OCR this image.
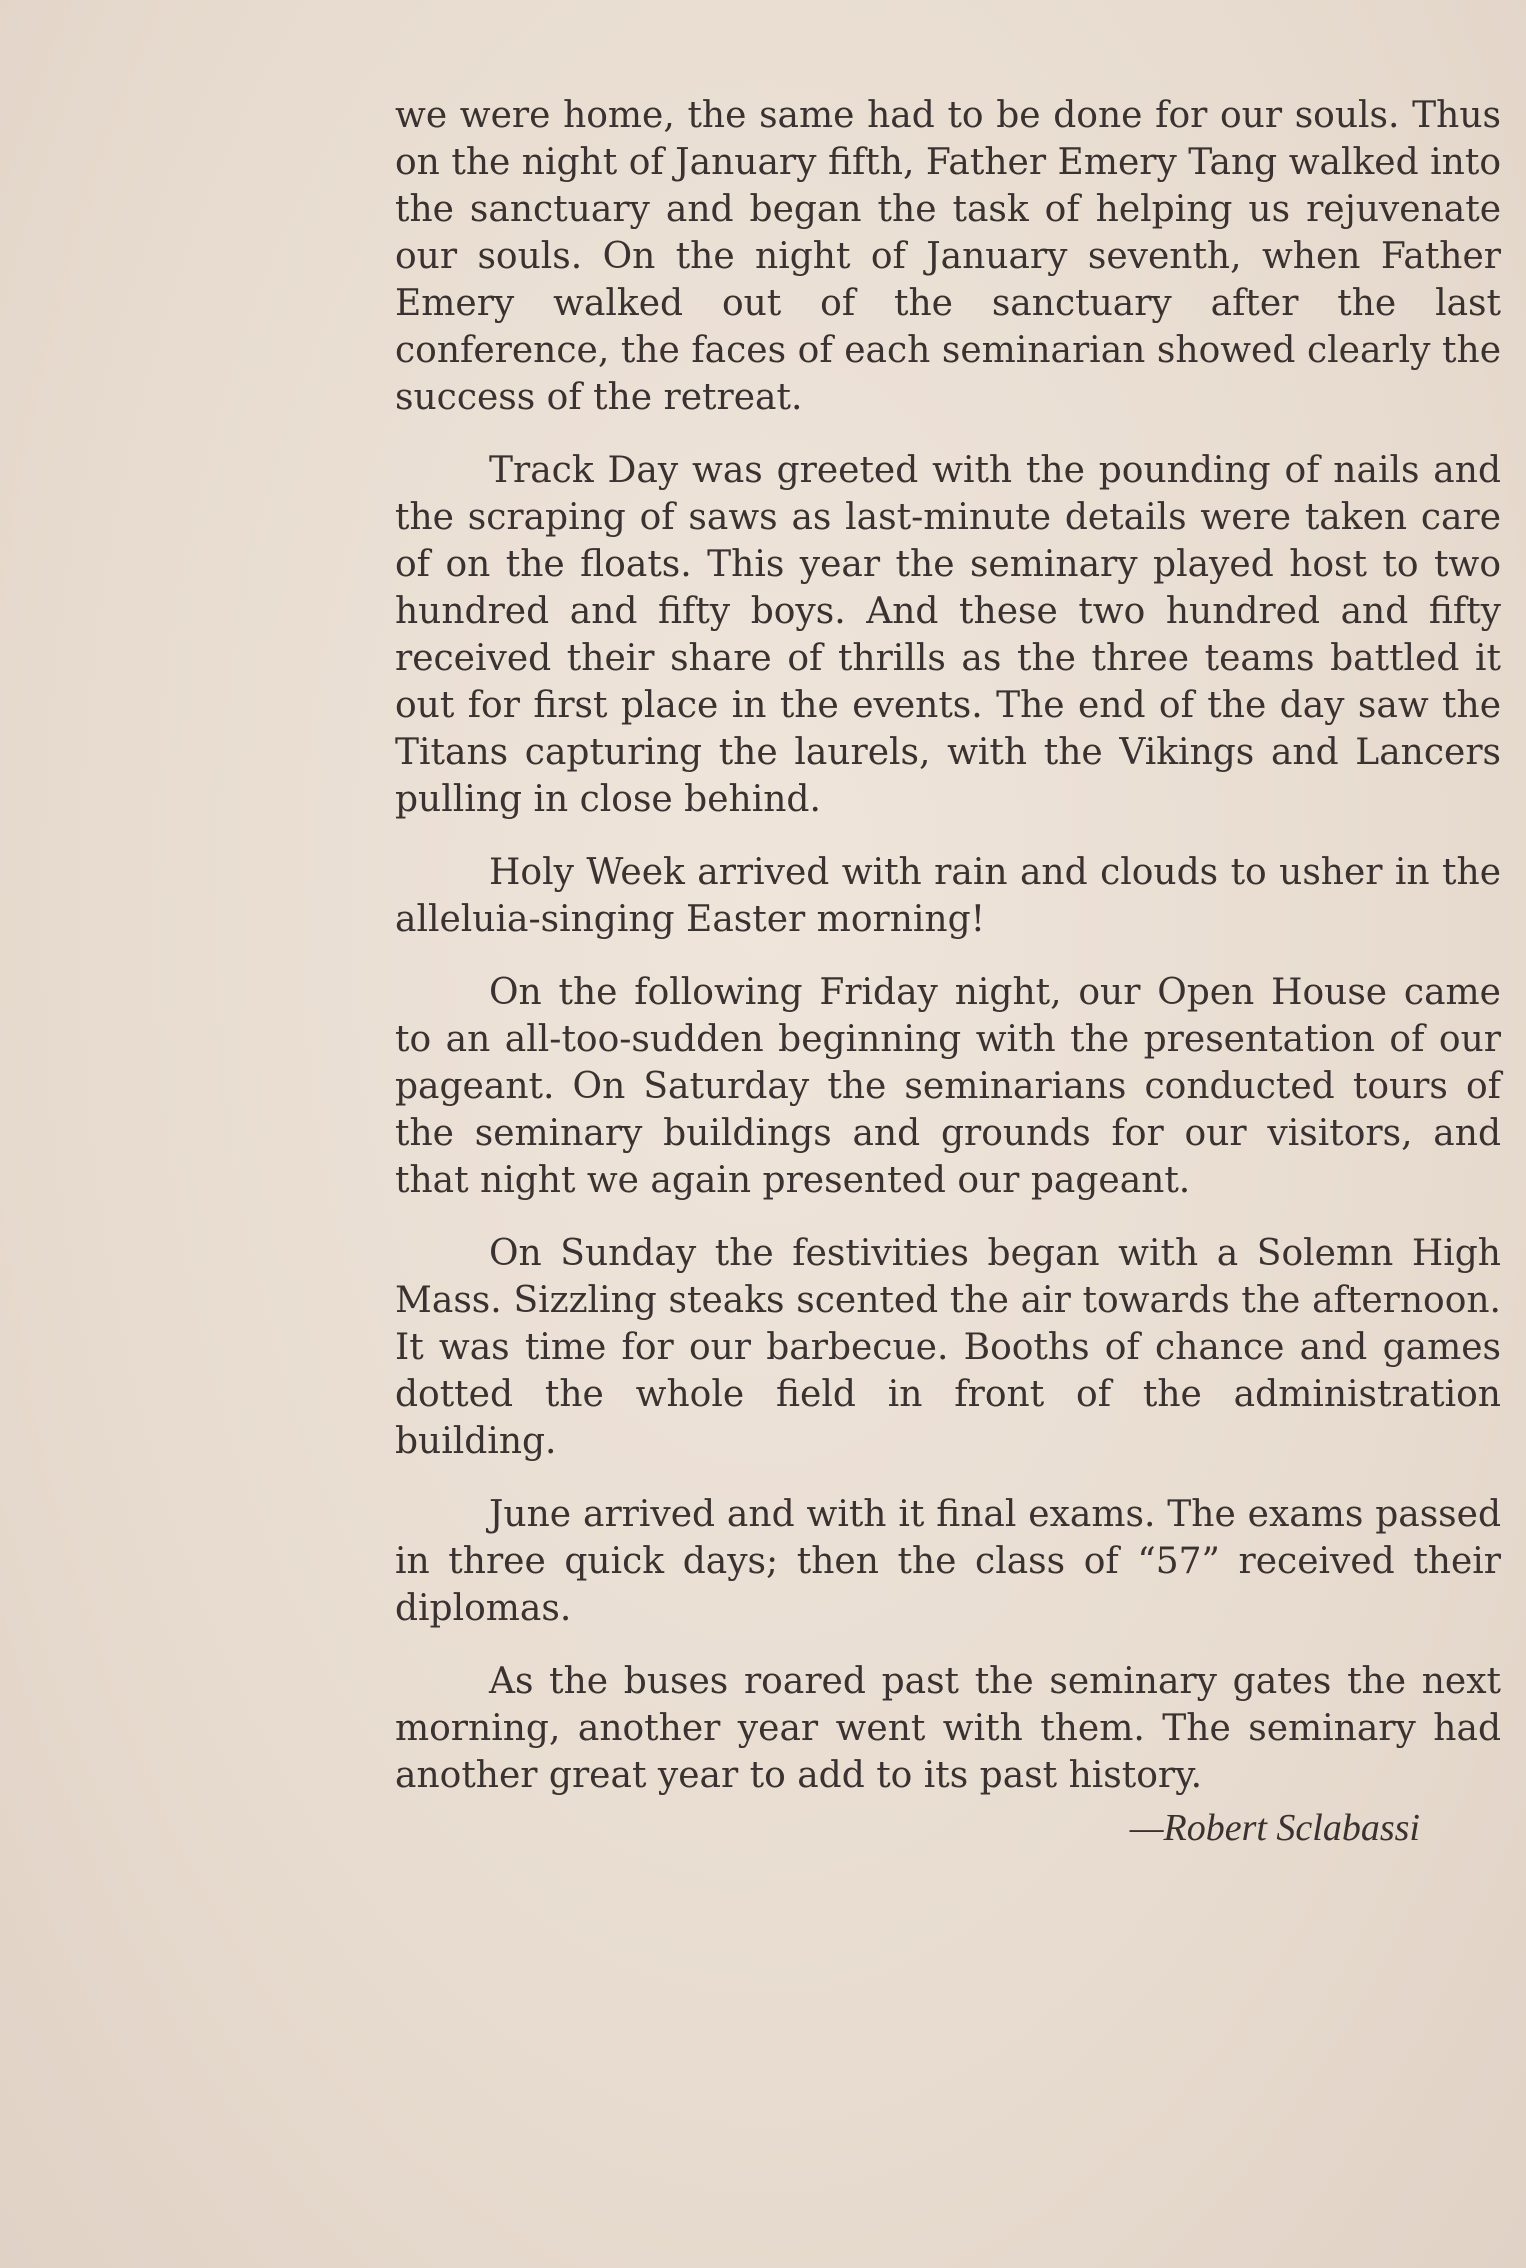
we were home, the same had to be done for our souls. Thus on the night of January fifth, Father Emery Tang walked into the sanctuary and began the task of helping us rejuvenate our souls. On the night of January seventh, when Father Emery walked out of the sanctuary after the last conference, the faces of each seminarian showed clearly the success of the retreat.

Track Day was greeted with the pounding of nails and the scraping of saws as last-minute details were taken care of on the floats. This year the seminary played host to two hundred and fifty boys. And these two hundred and fifty received their share of thrills as the three teams battled it out for first place in the events. The end of the day saw the Titans capturing the laurels, with the Vikings and Lancers pulling in close behind.

Holy Week arrived with rain and clouds to usher in the alleluia-singing Easter morning!

On the following Friday night, our Open House came to an all-too-sudden beginning with the presentation of our pageant. On Saturday the seminarians conducted tours of the seminary buildings and grounds for our visitors, and that night we again presented our pageant.

On Sunday the festivities began with a Solemn High Mass. Sizzling steaks scented the air towards the afternoon. It was time for our barbecue. Booths of chance and games dotted the whole field in front of the administration building.

June arrived and with it final exams. The exams passed in three quick days; then the class of “57” received their diplomas.

As the buses roared past the seminary gates the next morning, another year went with them. The seminary had another great year to add to its past history.

—Robert Sclabassi
